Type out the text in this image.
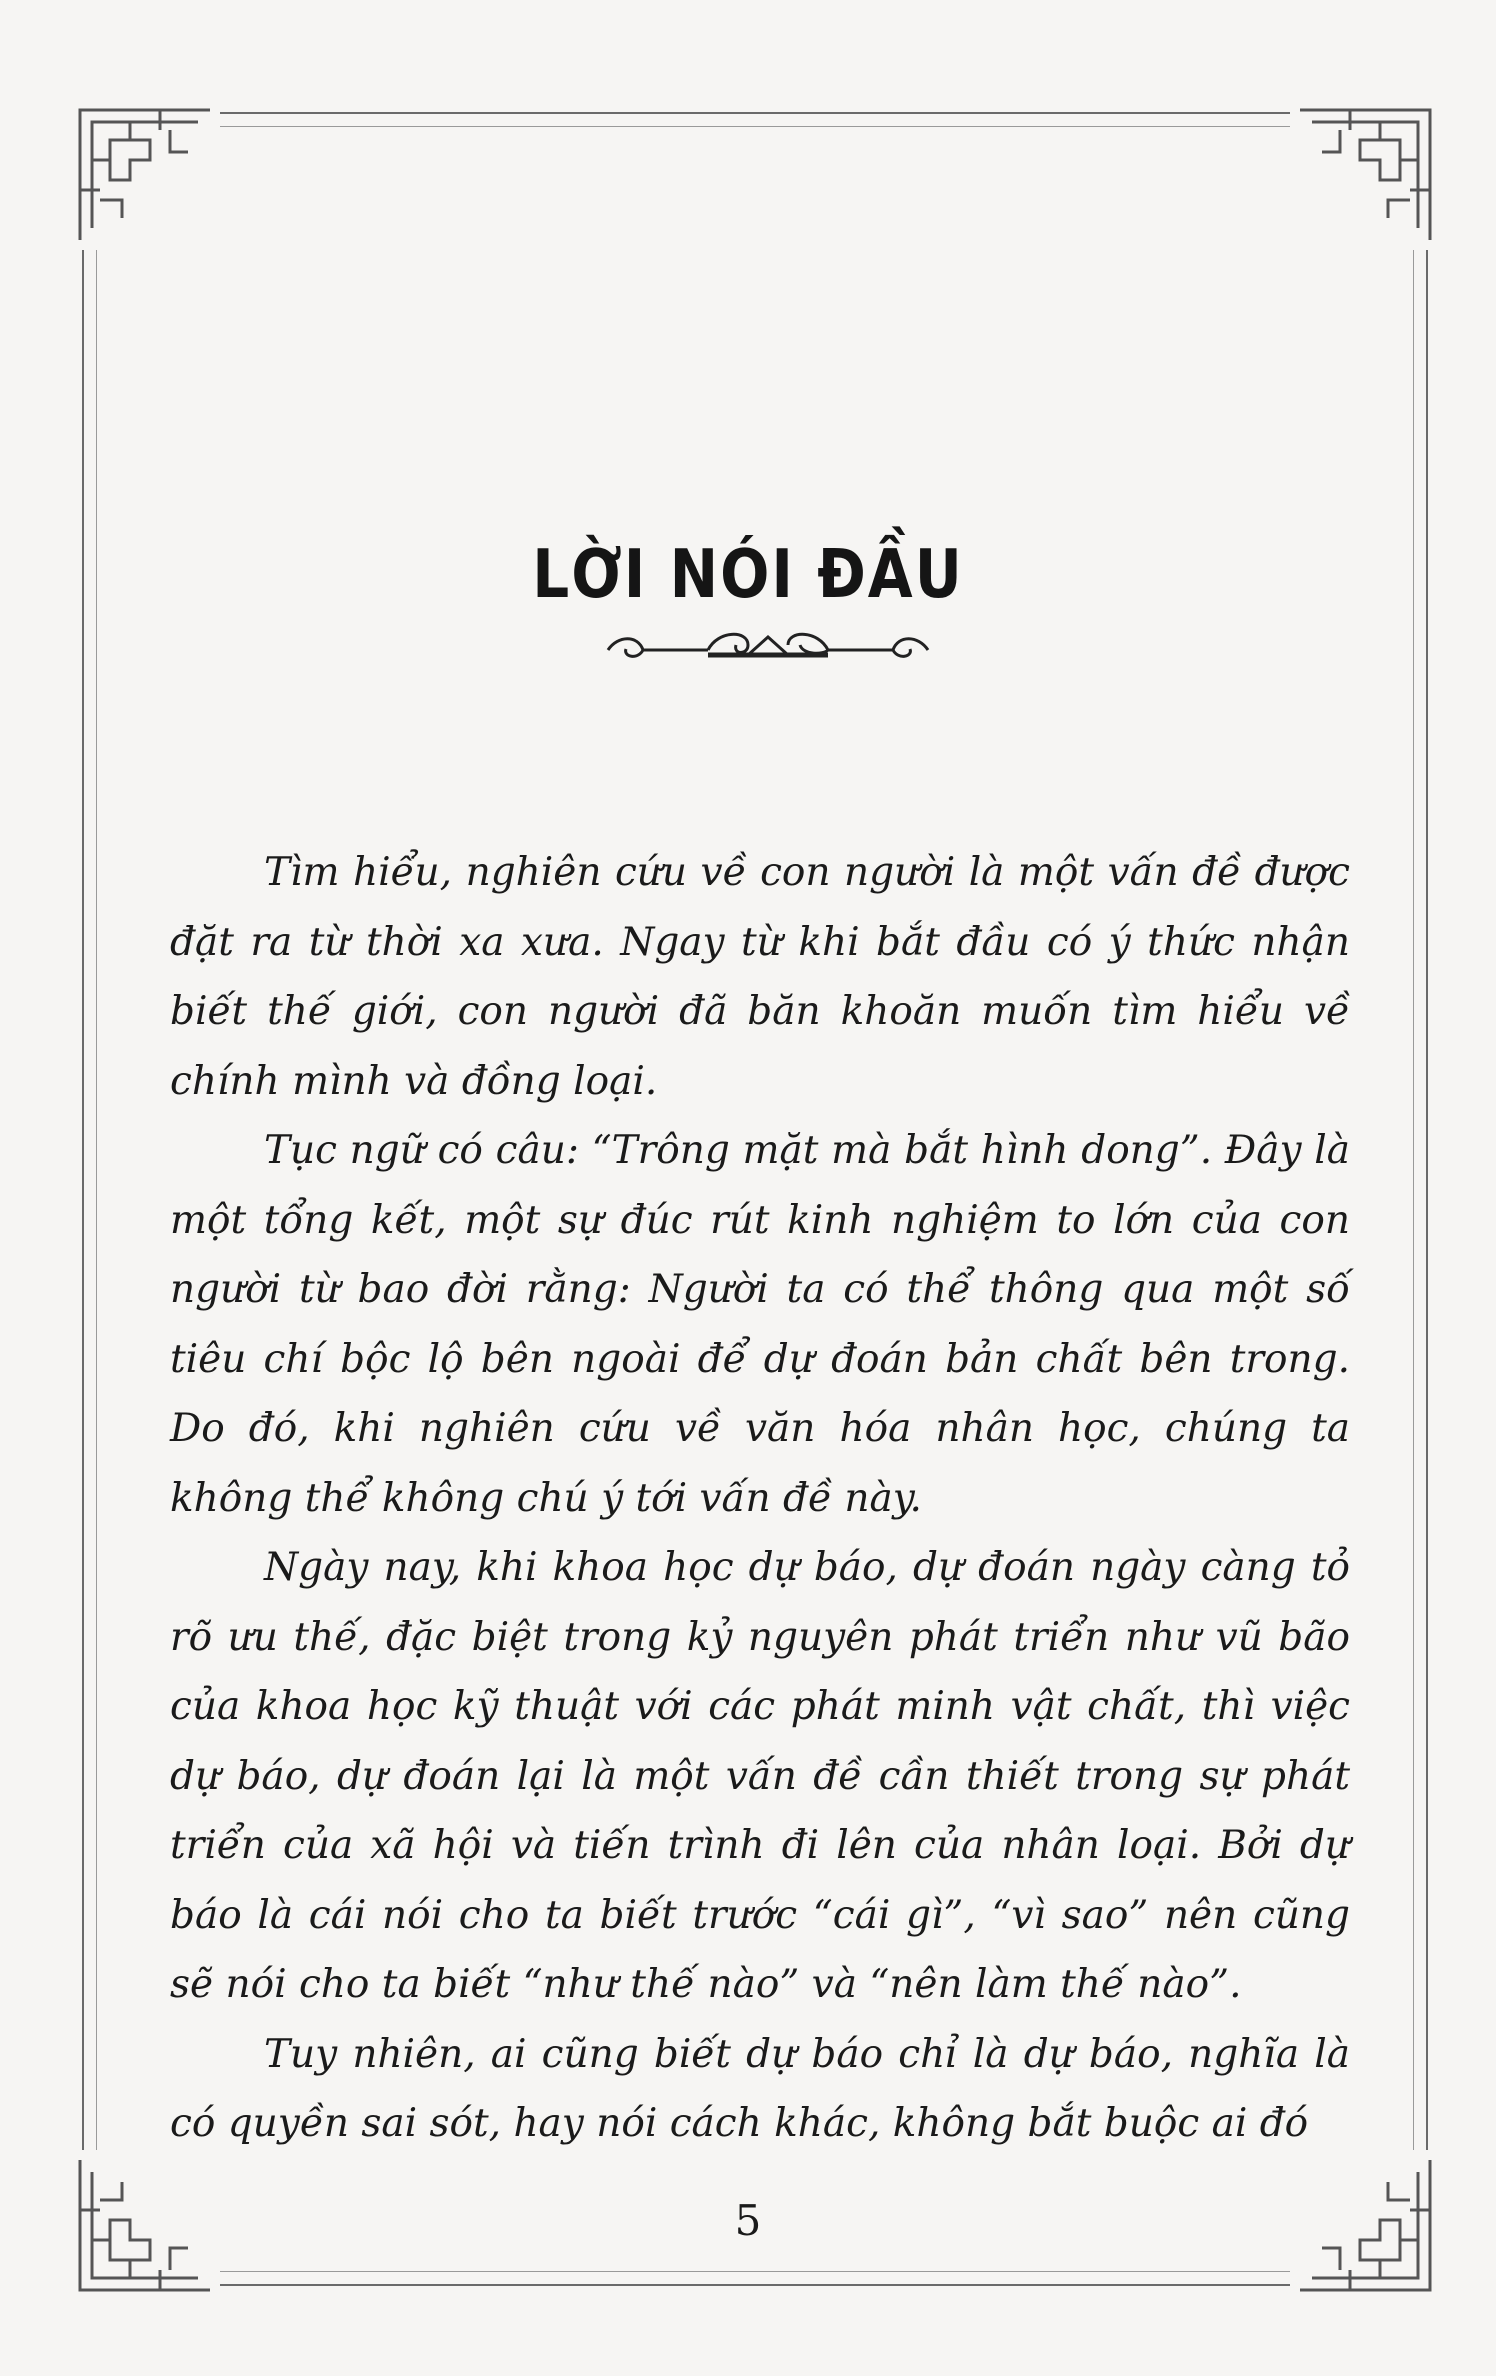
LỜI NÓI ĐẦU

Tìm hiểu, nghiên cứu về con người là một vấn đề được đặt ra từ thời xa xưa. Ngay từ khi bắt đầu có ý thức nhận biết thế giới, con người đã băn khoăn muốn tìm hiểu về chính mình và đồng loại.

Tục ngữ có câu: “Trông mặt mà bắt hình dong”. Đây là một tổng kết, một sự đúc rút kinh nghiệm to lớn của con người từ bao đời rằng: Người ta có thể thông qua một số tiêu chí bộc lộ bên ngoài để dự đoán bản chất bên trong. Do đó, khi nghiên cứu về văn hóa nhân học, chúng ta không thể không chú ý tới vấn đề này.

Ngày nay, khi khoa học dự báo, dự đoán ngày càng tỏ rõ ưu thế, đặc biệt trong kỷ nguyên phát triển như vũ bão của khoa học kỹ thuật với các phát minh vật chất, thì việc dự báo, dự đoán lại là một vấn đề cần thiết trong sự phát triển của xã hội và tiến trình đi lên của nhân loại. Bởi dự báo là cái nói cho ta biết trước “cái gì”, “vì sao” nên cũng sẽ nói cho ta biết “như thế nào” và “nên làm thế nào”.

Tuy nhiên, ai cũng biết dự báo chỉ là dự báo, nghĩa là có quyền sai sót, hay nói cách khác, không bắt buộc ai đó

5
